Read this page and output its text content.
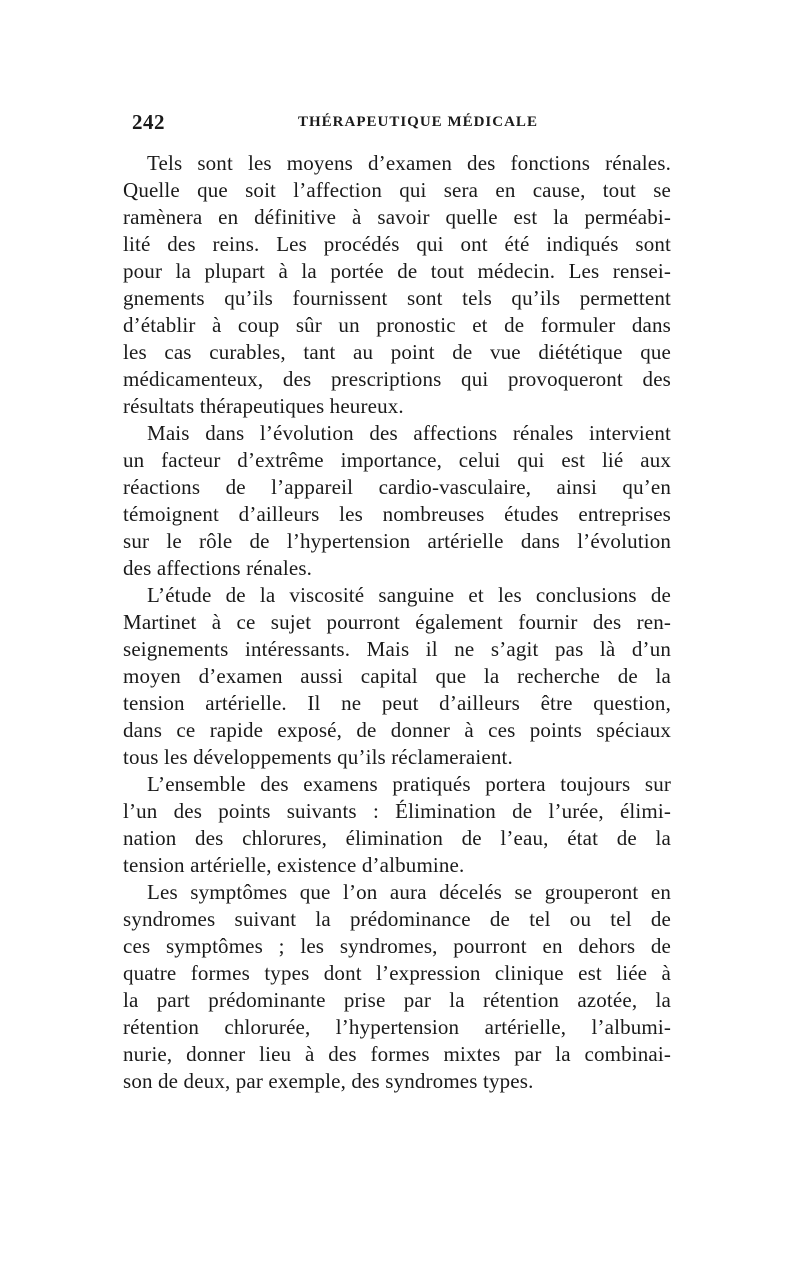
242	THÉRAPEUTIQUE MÉDICALE
Tels sont les moyens d’examen des fonctions rénales.
Quelle que soit l’affection qui sera en cause, tout se
ramènera en définitive à savoir quelle est la perméabi-
lité des reins. Les procédés qui ont été indiqués sont
pour la plupart à la portée de tout médecin. Les rensei-
gnements qu’ils fournissent sont tels qu’ils permettent
d’établir à coup sûr un pronostic et de formuler dans
les cas curables, tant au point de vue diététique que
médicamenteux, des prescriptions qui provoqueront des
résultats thérapeutiques heureux.
Mais dans l’évolution des affections rénales intervient
un facteur d’extrême importance, celui qui est lié aux
réactions de l’appareil cardio-vasculaire, ainsi qu’en
témoignent d’ailleurs les nombreuses études entreprises
sur le rôle de l’hypertension artérielle dans l’évolution
des affections rénales.
L’étude de la viscosité sanguine et les conclusions de
Martinet à ce sujet pourront également fournir des ren-
seignements intéressants. Mais il ne s’agit pas là d’un
moyen d’examen aussi capital que la recherche de la
tension artérielle. Il ne peut d’ailleurs être question,
dans ce rapide exposé, de donner à ces points spéciaux
tous les développements qu’ils réclameraient.
L’ensemble des examens pratiqués portera toujours sur
l’un des points suivants : Élimination de l’urée, élimi-
nation des chlorures, élimination de l’eau, état de la
tension artérielle, existence d’albumine.
Les symptômes que l’on aura décelés se grouperont en
syndromes suivant la prédominance de tel ou tel de
ces symptômes ; les syndromes, pourront en dehors de
quatre formes types dont l’expression clinique est liée à
la part prédominante prise par la rétention azotée, la
rétention chlorurée, l’hypertension artérielle, l’albumi-
nurie, donner lieu à des formes mixtes par la combinai-
son de deux, par exemple, des syndromes types.
